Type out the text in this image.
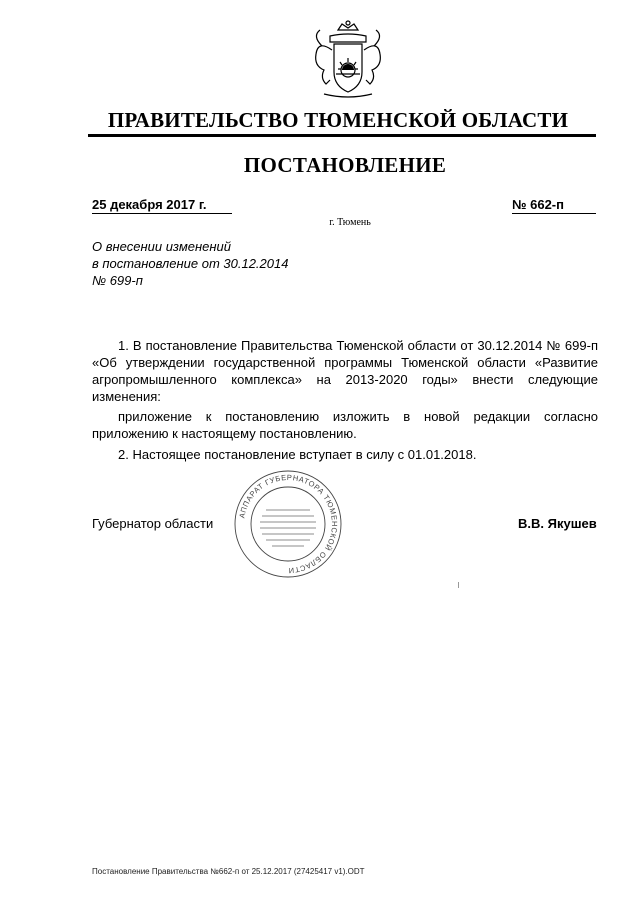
ПРАВИТЕЛЬСТВО ТЮМЕНСКОЙ ОБЛАСТИ
ПОСТАНОВЛЕНИЕ
25 декабря 2017 г.	№ 662-п
г. Тюмень
О внесении изменений
в постановление от 30.12.2014
№ 699-п
1. В постановление Правительства Тюменской области от 30.12.2014 № 699-п «Об утверждении государственной программы Тюменской области «Развитие агропромышленного комплекса» на 2013-2020 годы» внести следующие изменения:
приложение к постановлению изложить в новой редакции согласно приложению к настоящему постановлению.
2. Настоящее постановление вступает в силу с 01.01.2018.
АППАРАТ ГУБЕРНАТОРА ТЮМЕНСКОЙ ОБЛАСТИ
Губернатор области	В.В. Якушев
Постановление Правительства №662-п от 25.12.2017 (27425417 v1).ODT
